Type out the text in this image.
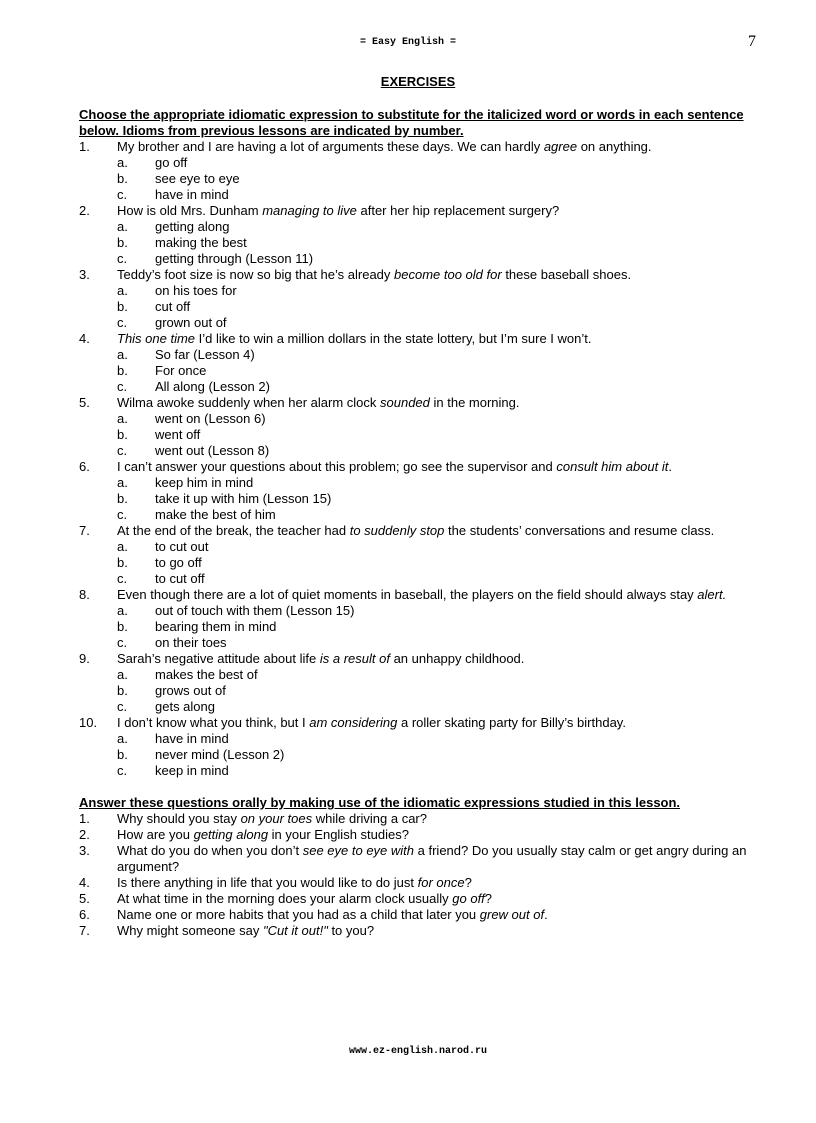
= Easy English =	7
EXERCISES
Choose the appropriate idiomatic expression to substitute for the italicized word or words in each sentence below. Idioms from previous lessons are indicated by number.
1.	My brother and I are having a lot of arguments these days. We can hardly agree on anything.
a.	go off
b.	see eye to eye
c.	have in mind
2.	How is old Mrs. Dunham managing to live after her hip replacement surgery?
a.	getting along
b.	making the best
c.	getting through (Lesson 11)
3.	Teddy’s foot size is now so big that he’s already become too old for these baseball shoes.
a.	on his toes for
b.	cut off
c.	grown out of
4.	This one time I’d like to win a million dollars in the state lottery, but I’m sure I won’t.
a.	So far (Lesson 4)
b.	For once
c.	All along (Lesson 2)
5.	Wilma awoke suddenly when her alarm clock sounded in the morning.
a.	went on (Lesson 6)
b.	went off
c.	went out (Lesson 8)
6.	I can’t answer your questions about this problem; go see the supervisor and consult him about it.
a.	keep him in mind
b.	take it up with him (Lesson 15)
c.	make the best of him
7.	At the end of the break, the teacher had to suddenly stop the students’ conversations and resume class.
a.	to cut out
b.	to go off
c.	to cut off
8.	Even though there are a lot of quiet moments in baseball, the players on the field should always stay alert.
a.	out of touch with them (Lesson 15)
b.	bearing them in mind
c.	on their toes
9.	Sarah’s negative attitude about life is a result of an unhappy childhood.
a.	makes the best of
b.	grows out of
c.	gets along
10.	I don’t know what you think, but I am considering a roller skating party for Billy’s birthday.
a.	have in mind
b.	never mind (Lesson 2)
c.	keep in mind
Answer these questions orally by making use of the idiomatic expressions studied in this lesson.
1.	Why should you stay on your toes while driving a car?
2.	How are you getting along in your English studies?
3.	What do you do when you don’t see eye to eye with a friend? Do you usually stay calm or get angry during an argument?
4.	Is there anything in life that you would like to do just for once?
5.	At what time in the morning does your alarm clock usually go off?
6.	Name one or more habits that you had as a child that later you grew out of.
7.	Why might someone say "Cut it out!" to you?
www.ez-english.narod.ru
